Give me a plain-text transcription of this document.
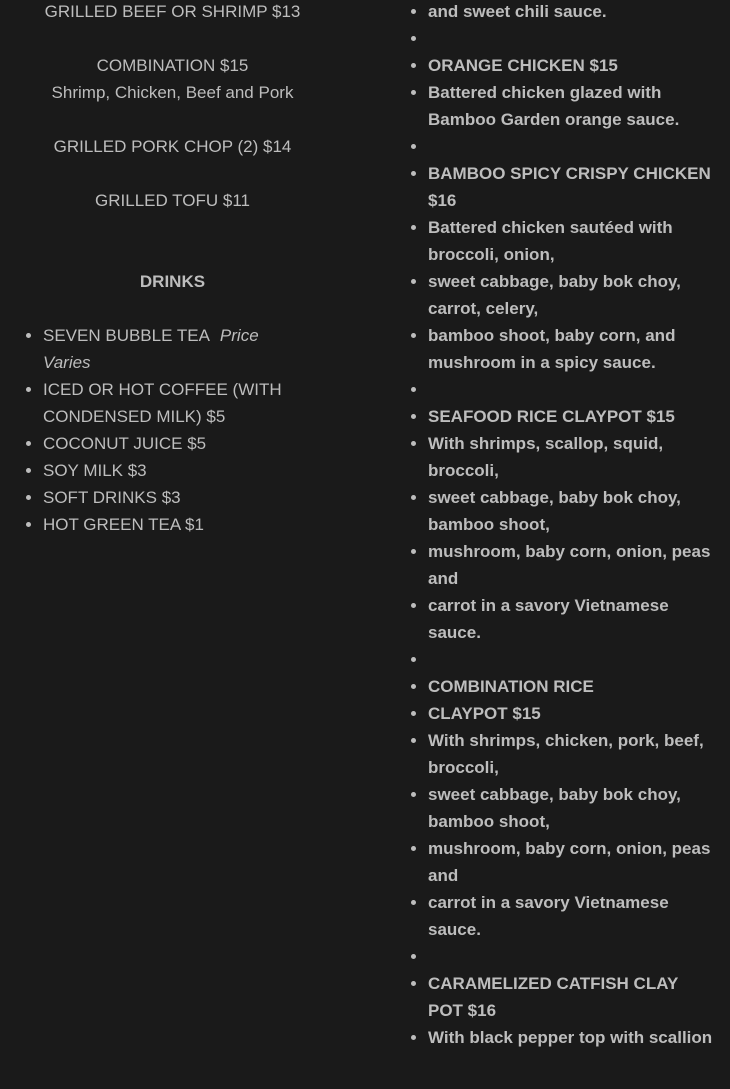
GRILLED BEEF OR SHRIMP $13

COMBINATION $15

Shrimp, Chicken, Beef and Pork

GRILLED PORK CHOP (2) $14

GRILLED TOFU $11

DRINKS
• SEVEN BUBBLE TEA Price Varies
• ICED OR HOT COFFEE (WITH CONDENSED MILK) $5
• COCONUT JUICE $5
• SOY MILK $3
• SOFT DRINKS $3
• HOT GREEN TEA $1
• and sweet chili sauce.
•
• ORANGE CHICKEN $15
• Battered chicken glazed with Bamboo Garden orange sauce.
•
• BAMBOO SPICY CRISPY CHICKEN $16
• Battered chicken sautéed with broccoli, onion,
• sweet cabbage, baby bok choy, carrot, celery,
• bamboo shoot, baby corn, and mushroom in a spicy sauce.
•
• SEAFOOD RICE CLAYPOT $15
• With shrimps, scallop, squid, broccoli,
• sweet cabbage, baby bok choy, bamboo shoot,
• mushroom, baby corn, onion, peas and
• carrot in a savory Vietnamese sauce.
•
• COMBINATION RICE
• CLAYPOT $15
• With shrimps, chicken, pork, beef, broccoli,
• sweet cabbage, baby bok choy, bamboo shoot,
• mushroom, baby corn, onion, peas and
• carrot in a savory Vietnamese sauce.
•
• CARAMELIZED CATFISH CLAY POT $16
• With black pepper top with scallion
